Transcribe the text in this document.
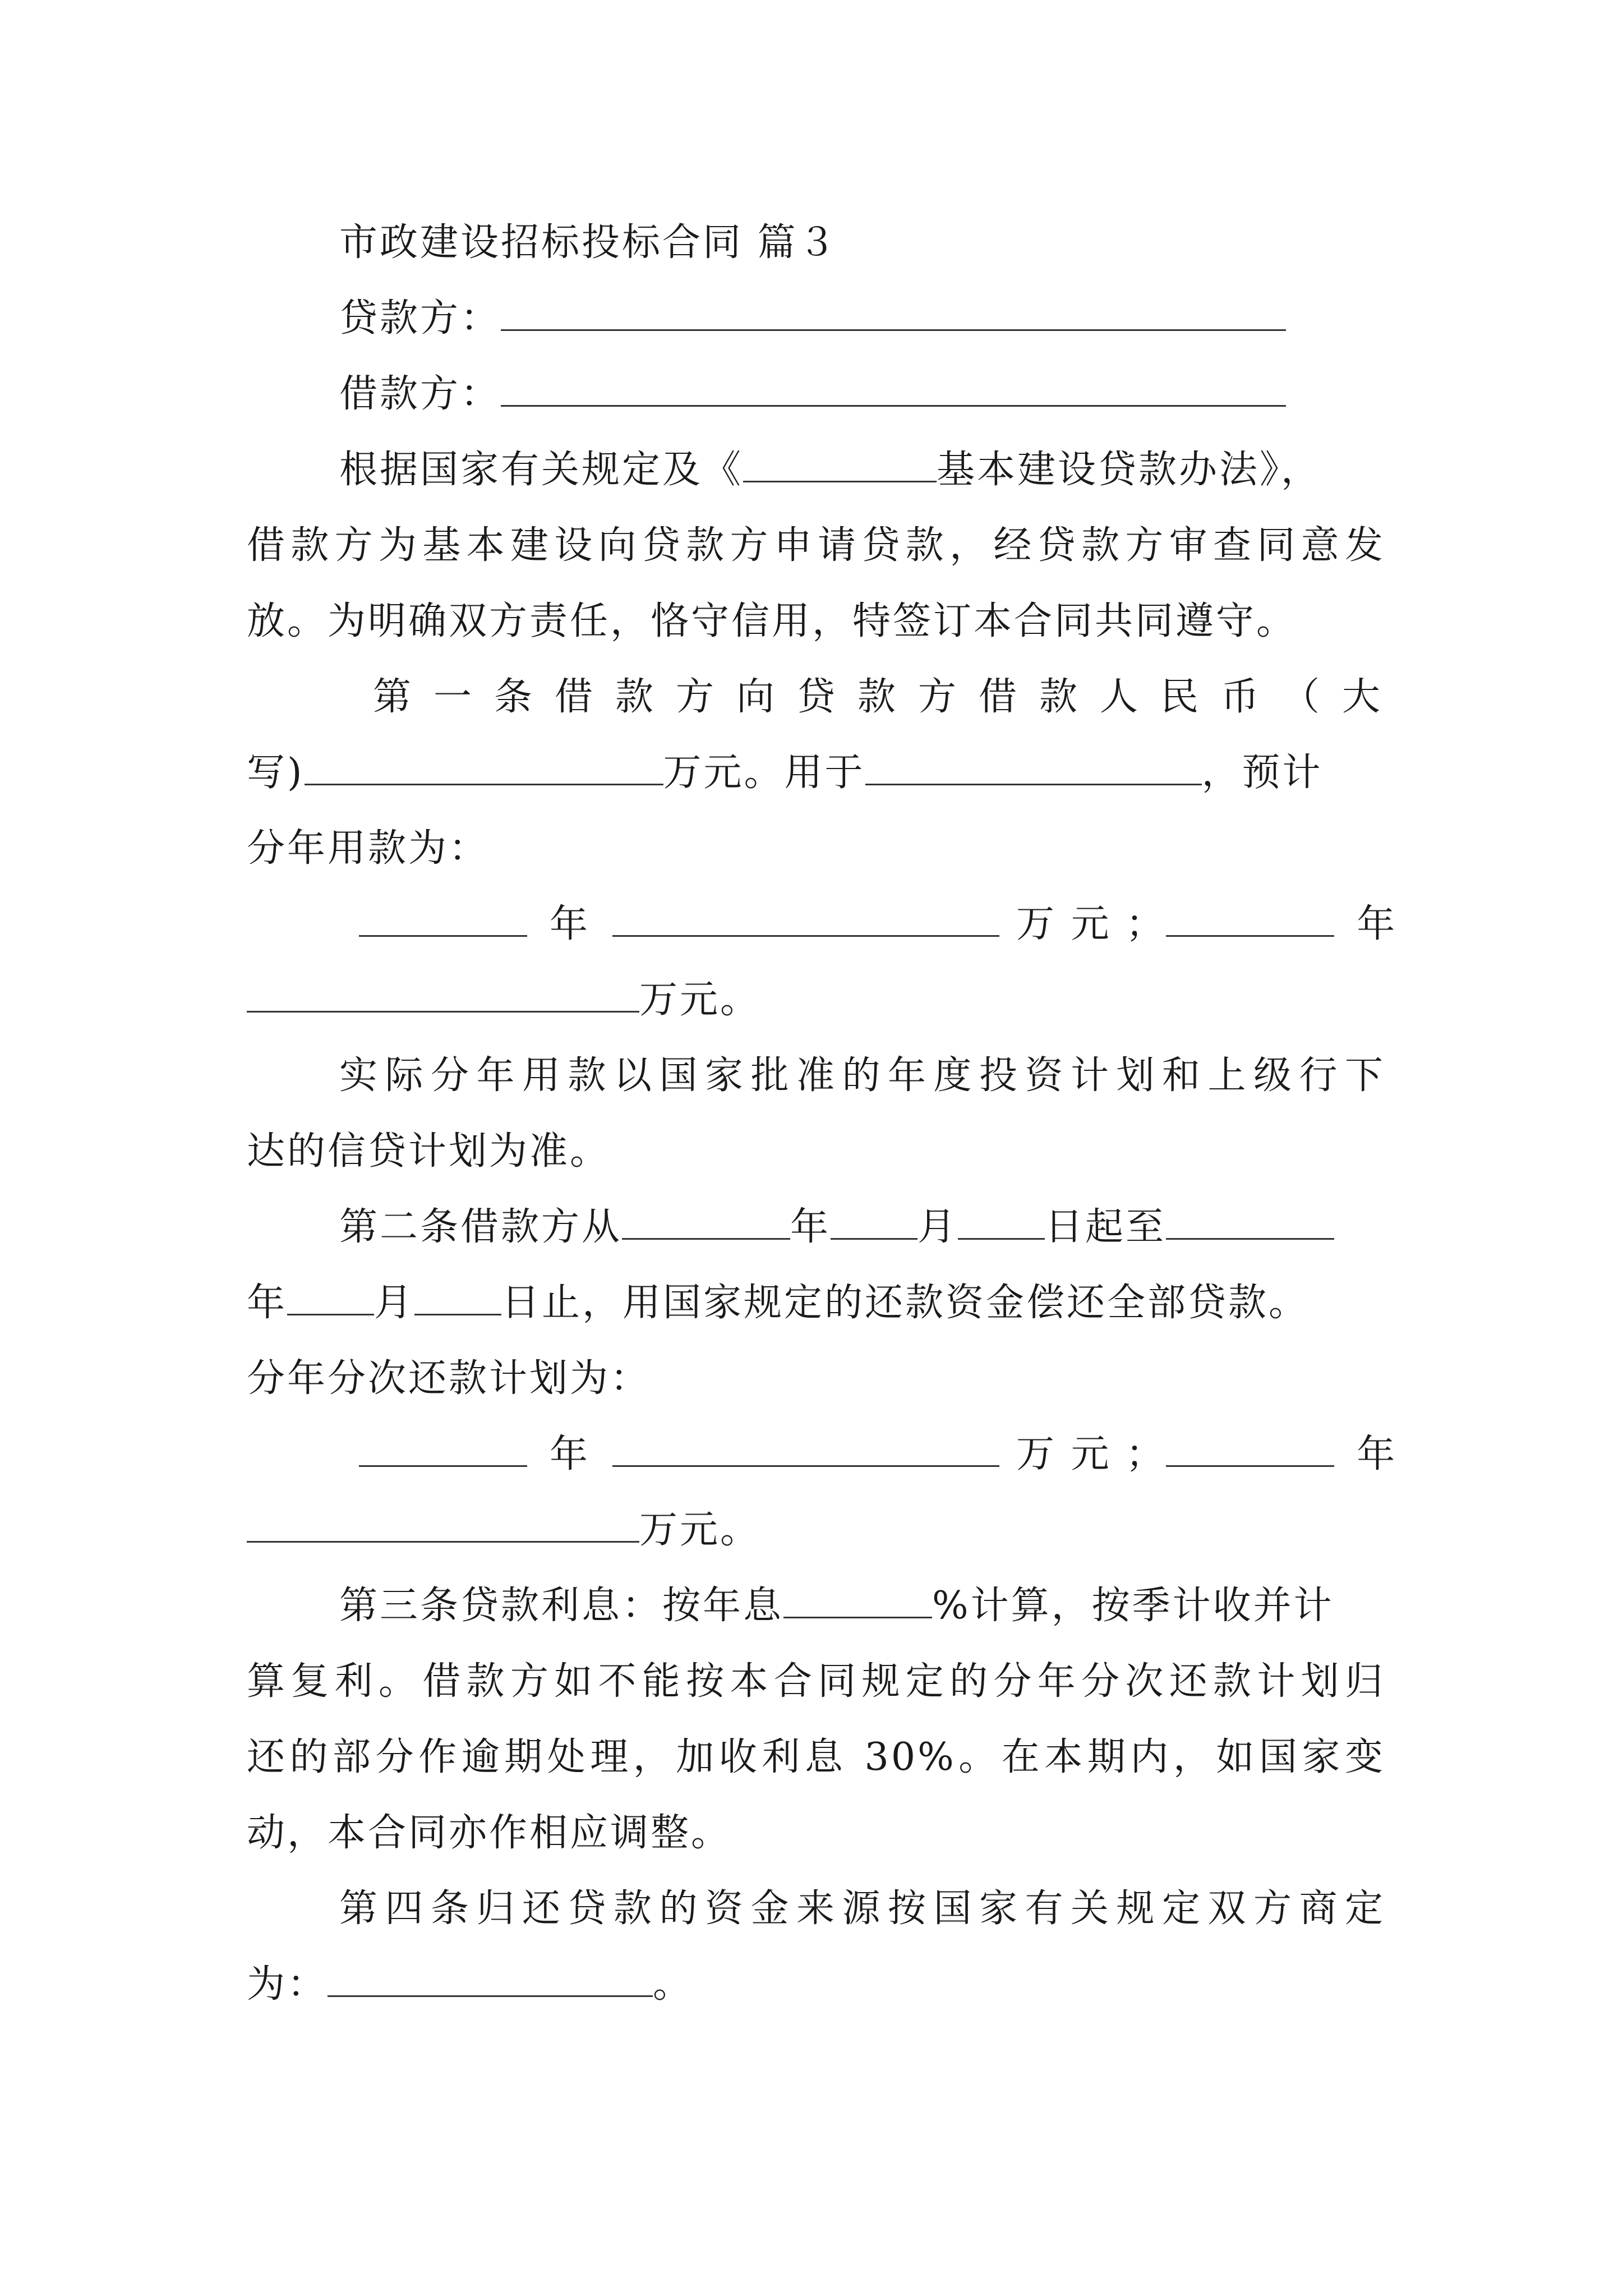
市政建设招标投标合同 篇３
贷款方：
借款方：
根据国家有关规定及《	基本建设贷款办法》，
借款方为基本建设向贷款方申请贷款，经贷款方审查同意发
放。为明确双方责任，恪守信用，特签订本合同共同遵守。
第 一 条 借 款 方 向 贷 款 方 借 款 人 民 币 （ 大
写)	万元。用于	，预计
分年用款为：
年	万 元 ；	年
万元。
实际分年用款以国家批准的年度投资计划和上级行下
达的信贷计划为准。
第二条借款方从	年 月 日起至
年 月 日止，用国家规定的还款资金偿还全部贷款。
分年分次还款计划为：
年	万 元 ；	年
万元。
第三条贷款利息：按年息	%计算，按季计收并计
算复利。借款方如不能按本合同规定的分年分次还款计划归
还的部分作逾期处理，加收利息 30%。在本期内，如国家变
动，本合同亦作相应调整。
第四条归还贷款的资金来源按国家有关规定双方商定
为：	。
